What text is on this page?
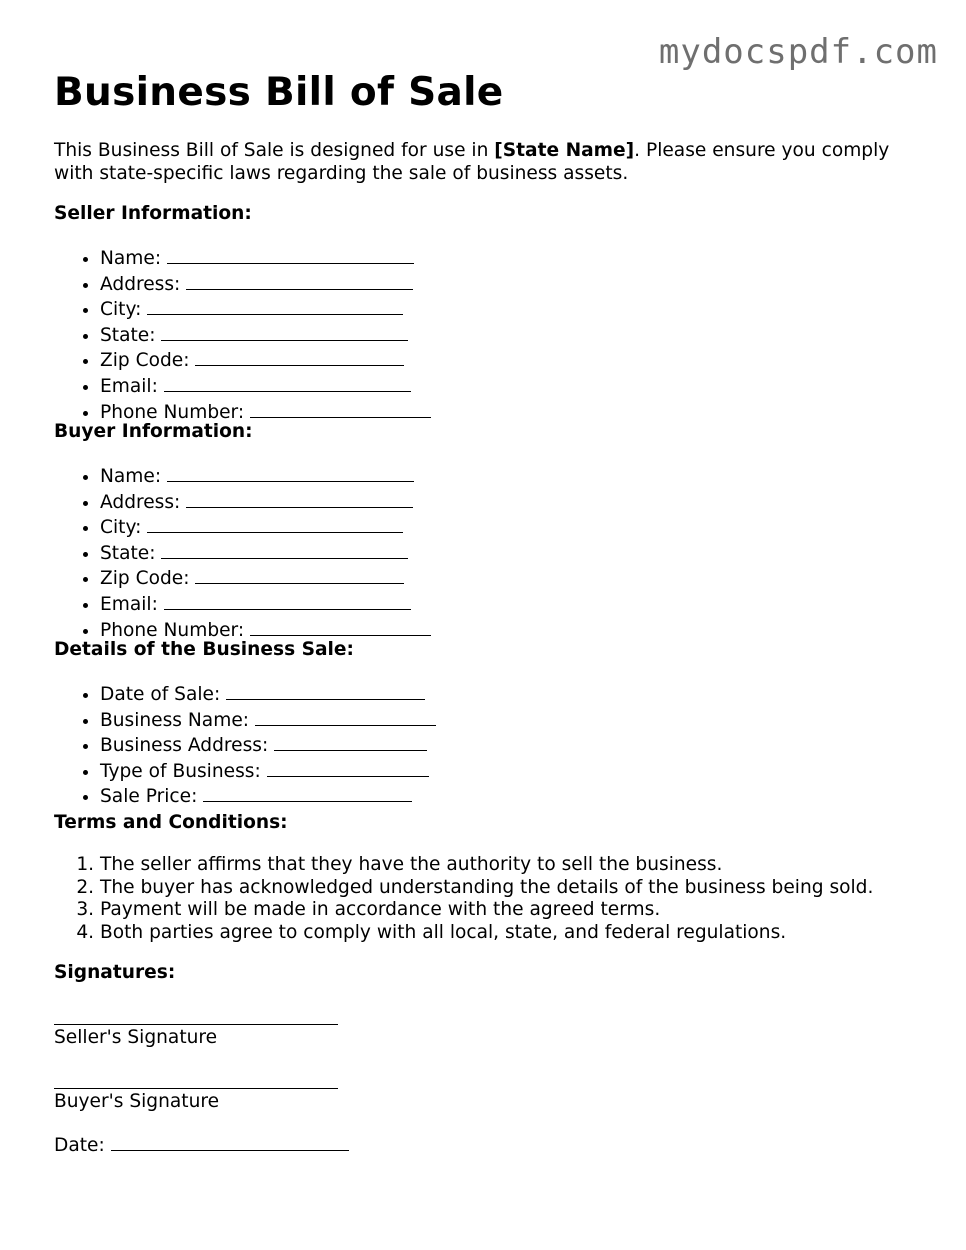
mydocspdf.com
Business Bill of Sale

This Business Bill of Sale is designed for use in [State Name]. Please ensure you comply with state-specific laws regarding the sale of business assets.

Seller Information:

• Name:
• Address:
• City:
• State:
• Zip Code:
• Email:
• Phone Number:

Buyer Information:

• Name:
• Address:
• City:
• State:
• Zip Code:
• Email:
• Phone Number:

Details of the Business Sale:

• Date of Sale:
• Business Name:
• Business Address:
• Type of Business:
• Sale Price:

Terms and Conditions:

1. The seller affirms that they have the authority to sell the business.
2. The buyer has acknowledged understanding the details of the business being sold.
3. Payment will be made in accordance with the agreed terms.
4. Both parties agree to comply with all local, state, and federal regulations.

Signatures:

Seller's Signature

Buyer's Signature

Date:
